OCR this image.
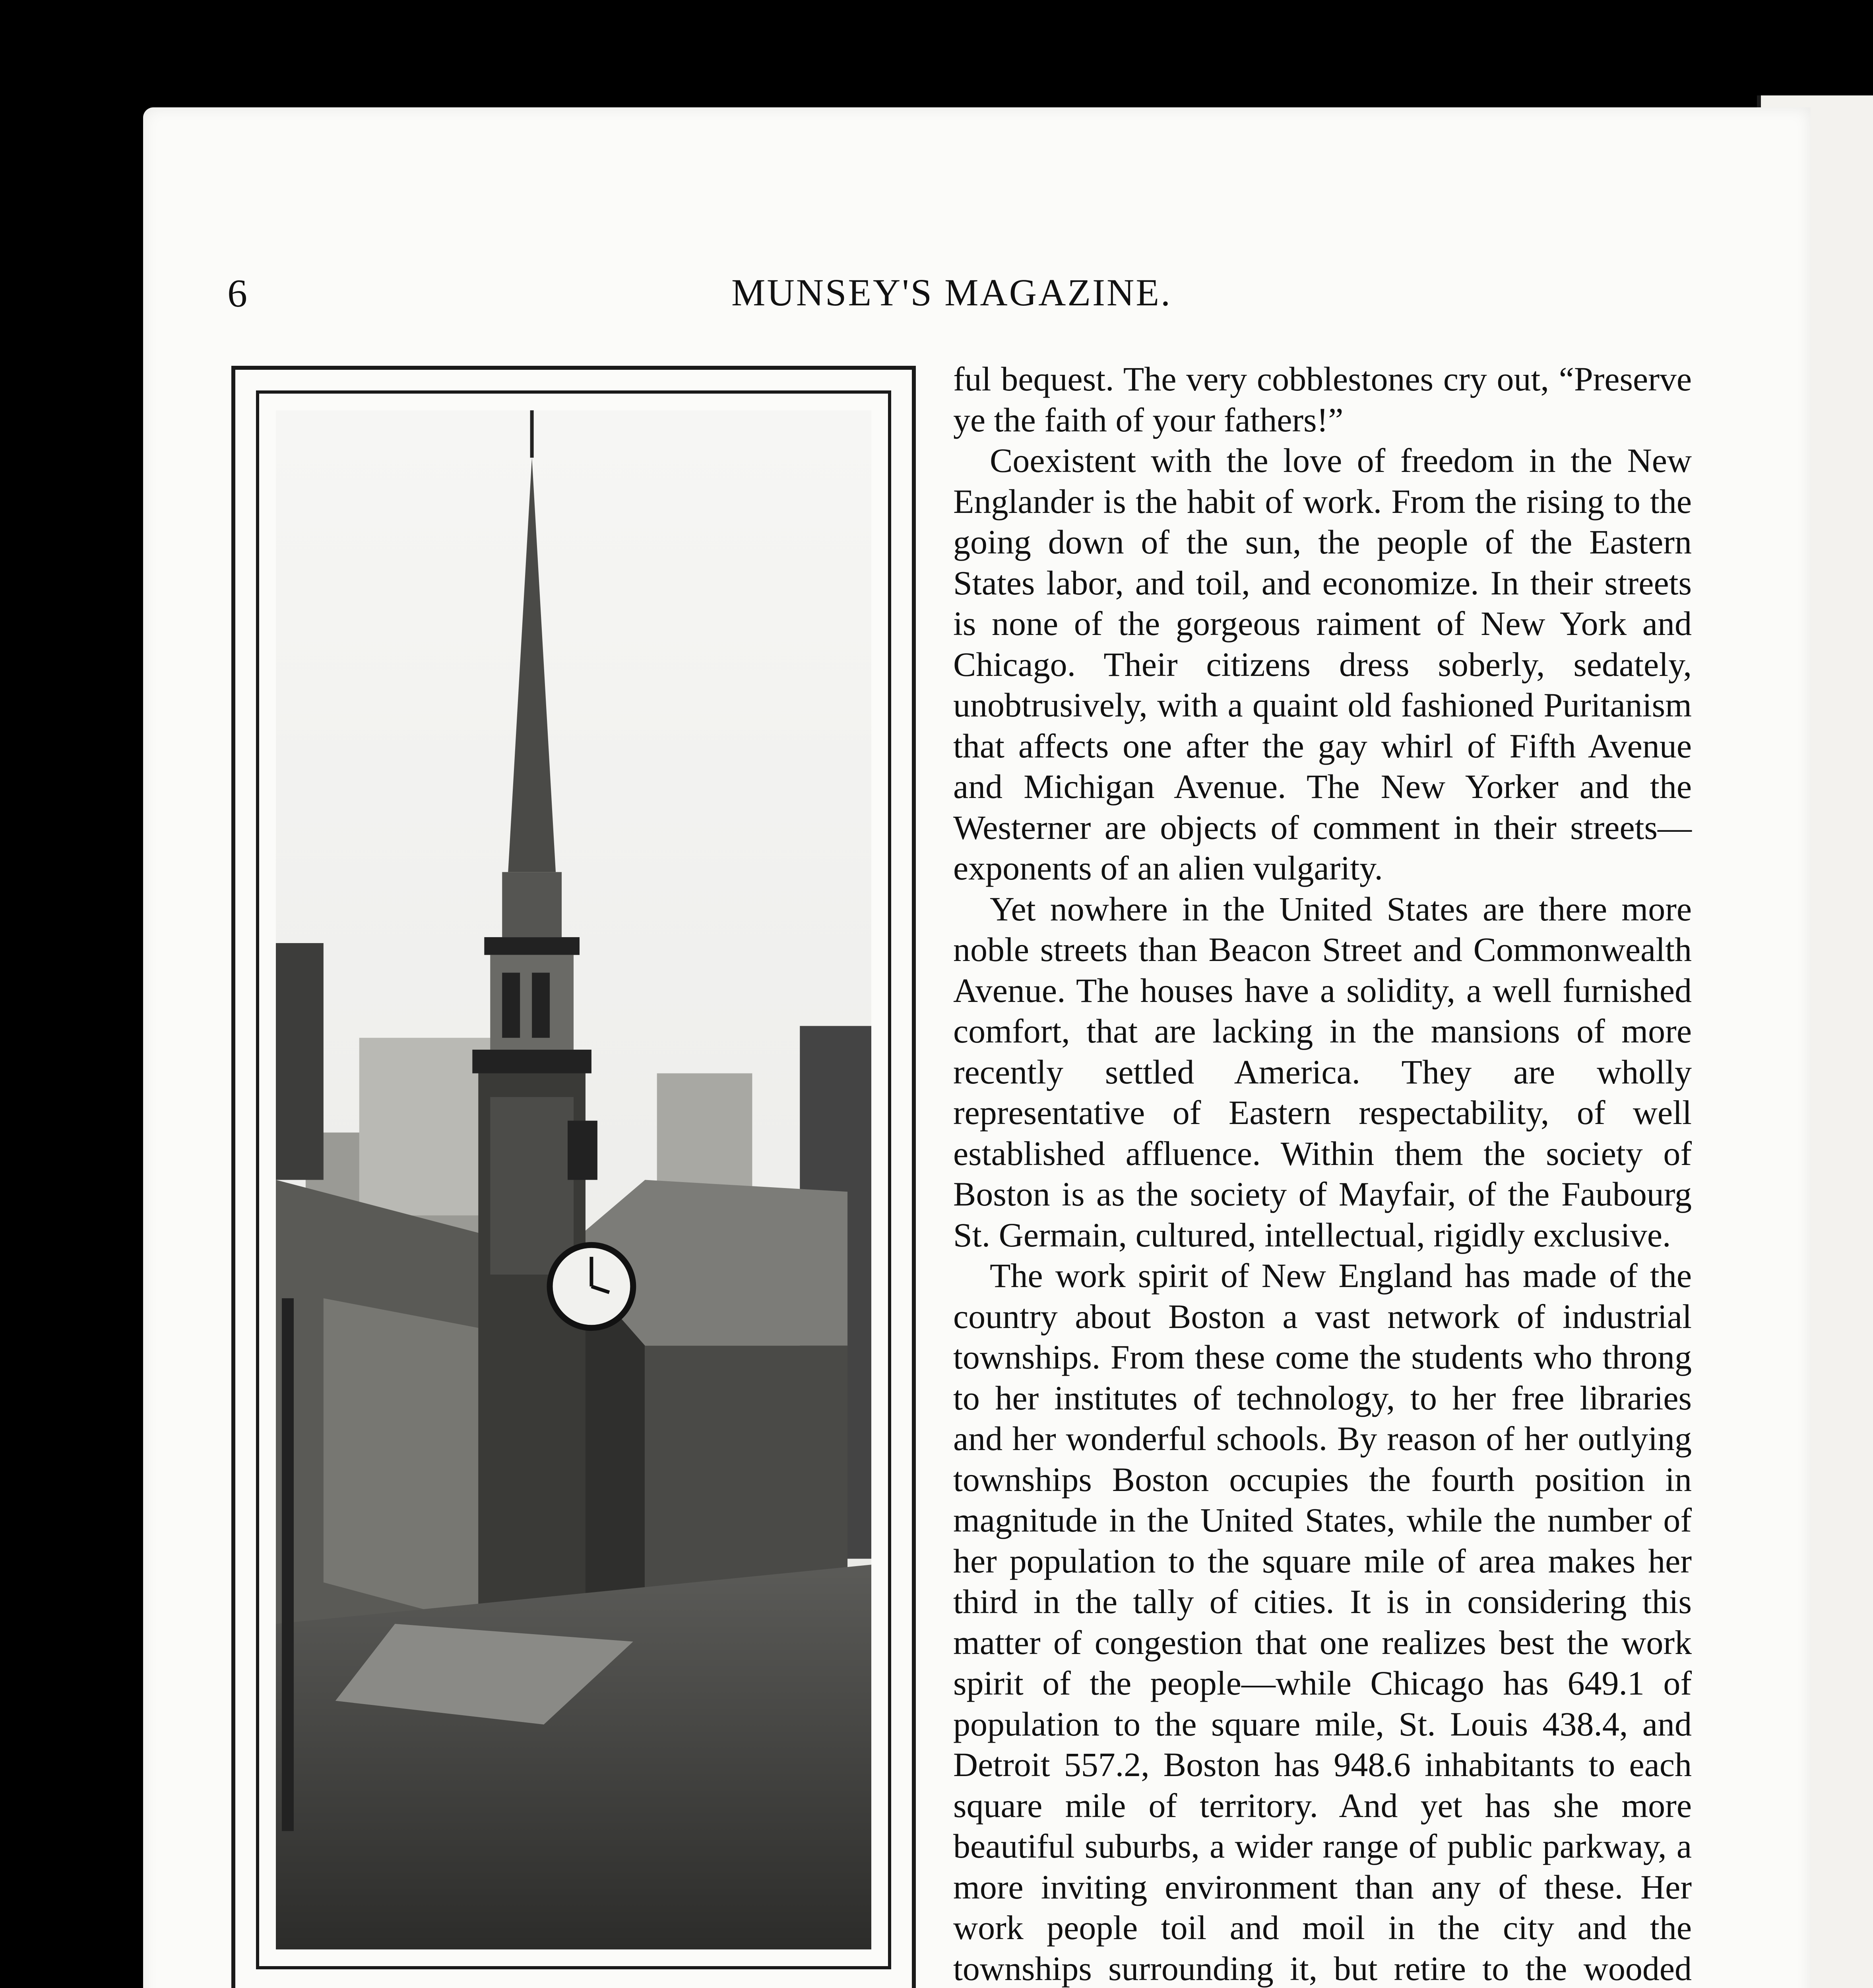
6	MUNSEY'S MAGAZINE.

ful bequest. The very cobblestones cry out, “Preserve ye the faith of your fathers!”

Coexistent with the love of freedom in the New Englander is the habit of work. From the rising to the going down of the sun, the people of the Eastern States labor, and toil, and economize. In their streets is none of the gorgeous raiment of New York and Chicago. Their citizens dress soberly, sedately, unobtrusively, with a quaint old fashioned Puritanism that affects one after the gay whirl of Fifth Avenue and Michigan Avenue. The New Yorker and the Westerner are objects of comment in their streets—exponents of an alien vulgarity.

Yet nowhere in the United States are there more noble streets than Beacon Street and Commonwealth Avenue. The houses have a solidity, a well furnished comfort, that are lacking in the mansions of more recently settled America. They are wholly representative of Eastern respectability, of well established affluence. Within them the society of Boston is as the society of Mayfair, of the Faubourg St. Germain, cultured, intellectual, rigidly exclusive.

The work spirit of New England has made of the country about Boston a vast network of industrial townships. From these come the students who throng to her institutes of technology, to her free libraries and her wonderful schools. By reason of her outlying townships Boston occupies the fourth position in magnitude in the United States, while the number of her population to the square mile of area makes her third in the tally of cities. It is in considering this matter of congestion that one realizes best the work spirit of the people—while Chicago has 649.1 of population to the square mile, St. Louis 438.4, and Detroit 557.2, Boston has 948.6 inhabitants to each square mile of territory. And yet has she more beautiful suburbs, a wider range of public parkway, a more inviting environment than any of these. Her work people toil and moil in the city and the townships surrounding it, but retire to the wooded
